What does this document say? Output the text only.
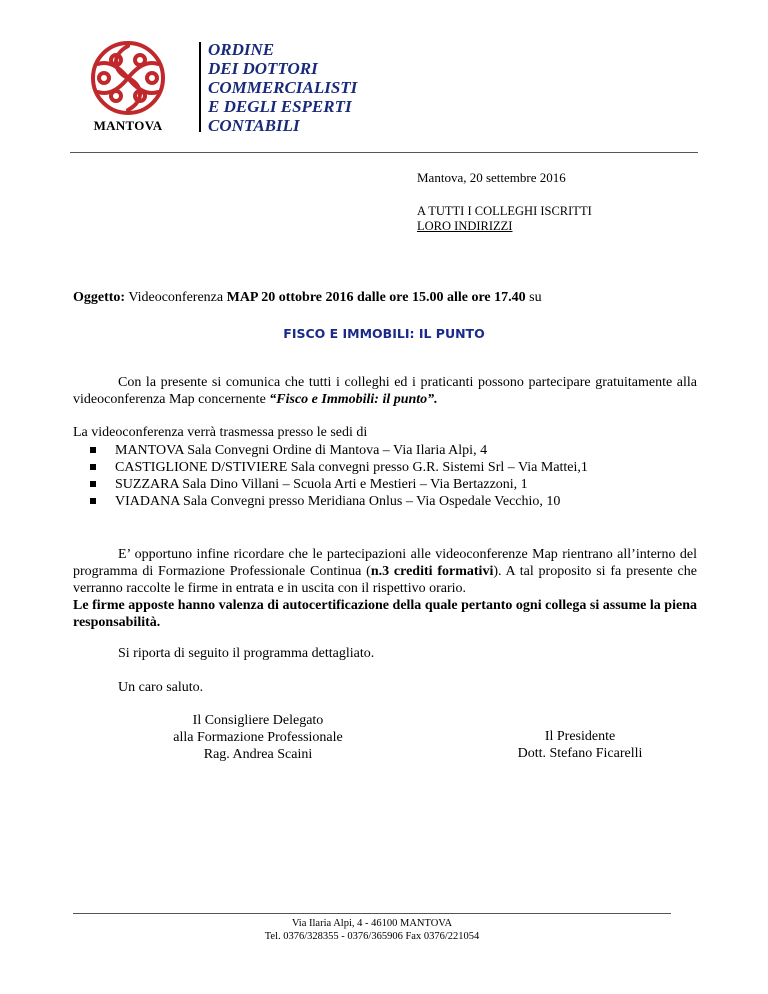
MANTOVA
ORDINE
DEI DOTTORI
COMMERCIALISTI
E DEGLI ESPERTI
CONTABILI
Mantova, 20 settembre 2016
A TUTTI I COLLEGHI ISCRITTI
LORO INDIRIZZI
Oggetto: Videoconferenza MAP 20 ottobre 2016 dalle ore 15.00 alle ore 17.40 su
FISCO E IMMOBILI: IL PUNTO
Con la presente si comunica che tutti i colleghi ed i praticanti possono partecipare gratuitamente alla videoconferenza Map concernente “Fisco e Immobili: il punto”.
La videoconferenza verrà trasmessa presso le sedi di
MANTOVA Sala Convegni Ordine di Mantova – Via Ilaria Alpi, 4
CASTIGLIONE D/STIVIERE Sala convegni presso G.R. Sistemi Srl – Via Mattei,1
SUZZARA Sala Dino Villani – Scuola Arti e Mestieri – Via Bertazzoni, 1
VIADANA Sala Convegni presso Meridiana Onlus – Via Ospedale Vecchio, 10
E’ opportuno infine ricordare che le partecipazioni alle videoconferenze Map rientrano all’interno del programma di Formazione Professionale Continua (n.3 crediti formativi). A tal proposito si fa presente che verranno raccolte le firme in entrata e in uscita con il rispettivo orario.
Le firme apposte hanno valenza di autocertificazione della quale pertanto ogni collega si assume la piena responsabilità.
Si riporta di seguito il programma dettagliato.
Un caro saluto.
Il Consigliere Delegato
alla Formazione Professionale
Rag. Andrea Scaini
Il Presidente
Dott. Stefano Ficarelli
Via Ilaria Alpi, 4 - 46100 MANTOVA
Tel. 0376/328355 - 0376/365906 Fax 0376/221054
